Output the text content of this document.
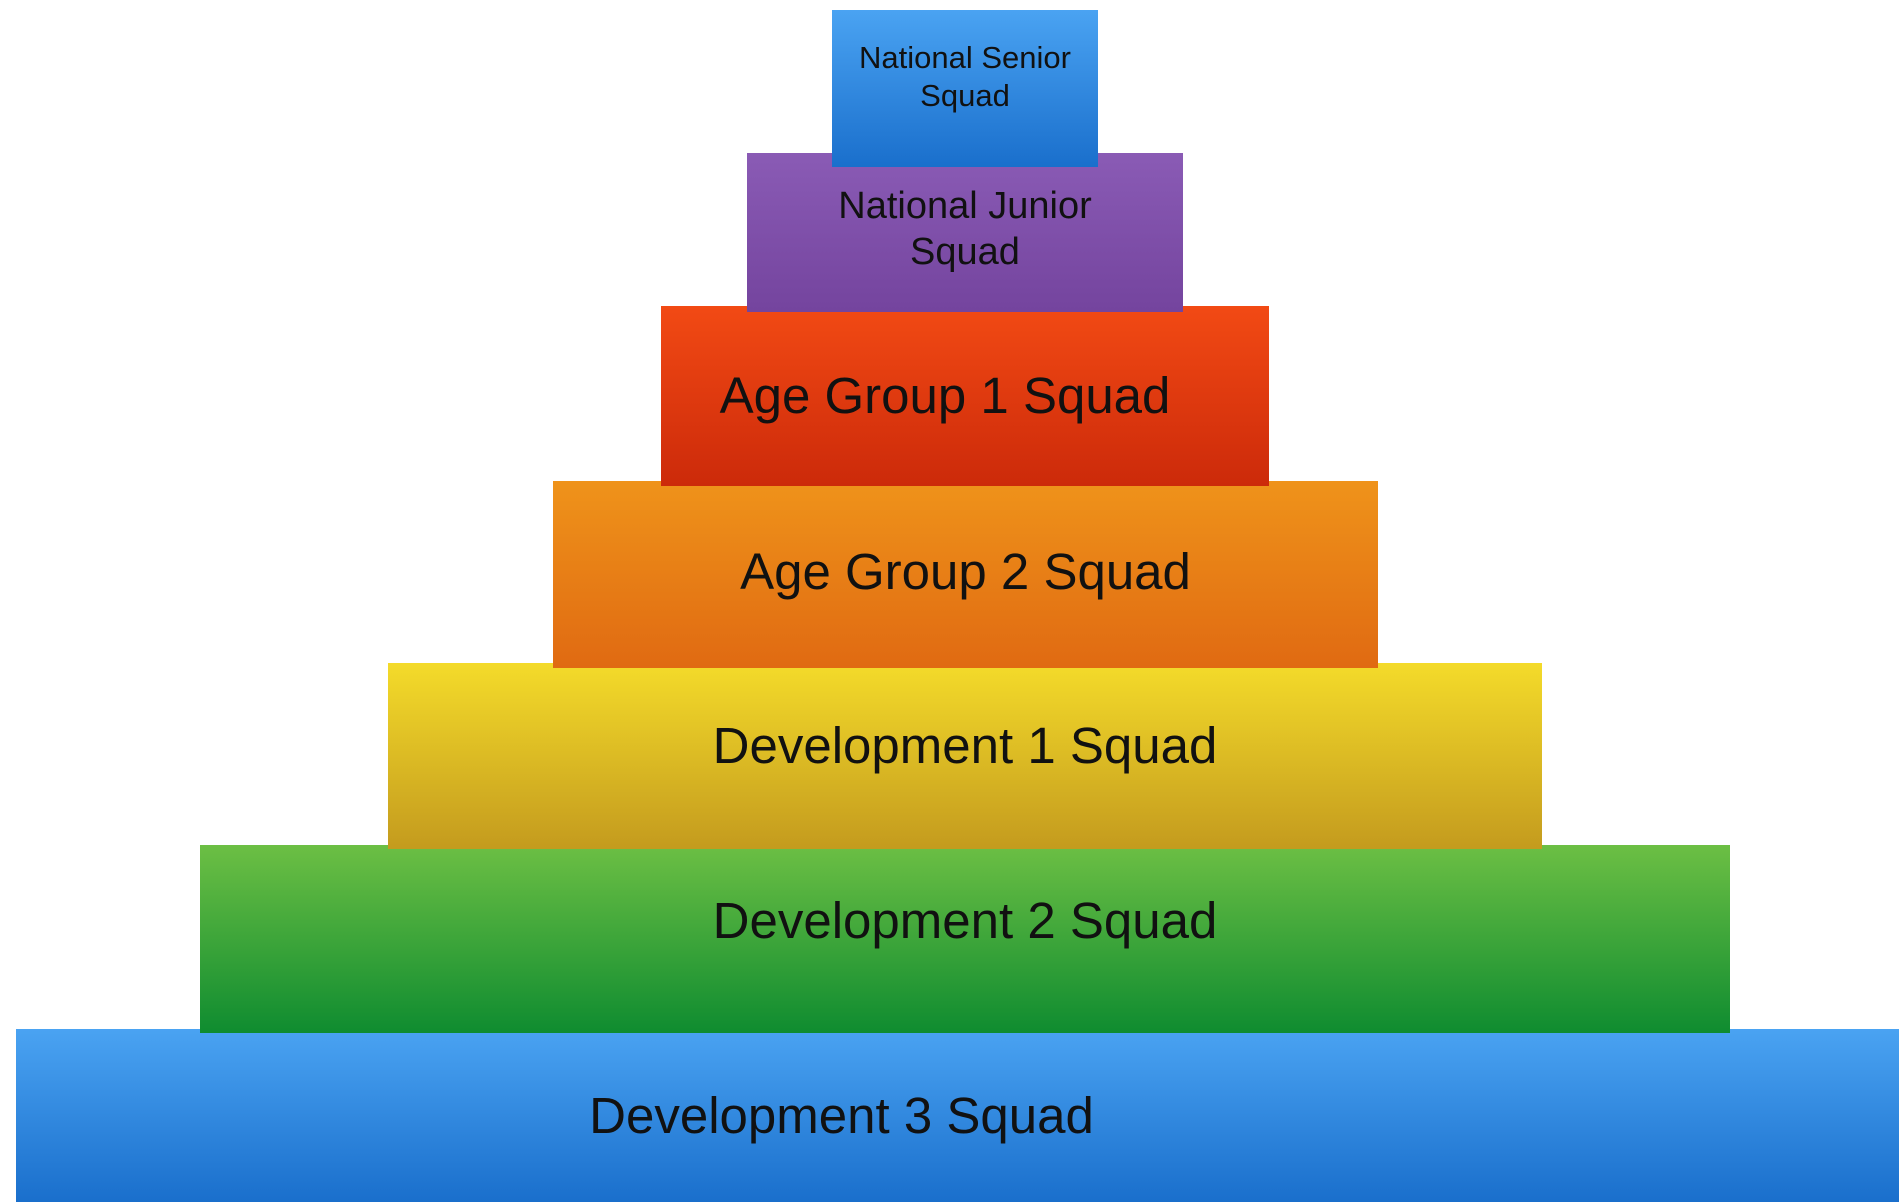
National Senior
Squad
National Junior
Squad
Age Group 1 Squad
Age Group 2 Squad
Development 1 Squad
Development 2 Squad
Development 3 Squad
